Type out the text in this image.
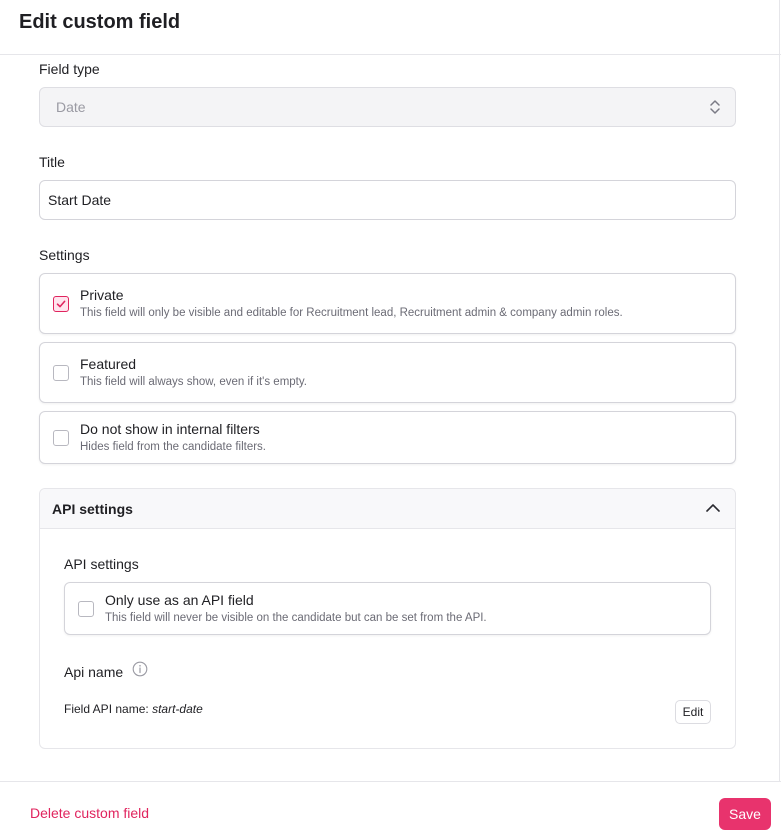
Edit custom field
Field type
Date
Title
Start Date
Settings
Private
This field will only be visible and editable for Recruitment lead, Recruitment admin & company admin roles.
Featured
This field will always show, even if it's empty.
Do not show in internal filters
Hides field from the candidate filters.
API settings
API settings
Only use as an API field
This field will never be visible on the candidate but can be set from the API.
Api name
Field API name: start-date	Edit
Delete custom field	Save
